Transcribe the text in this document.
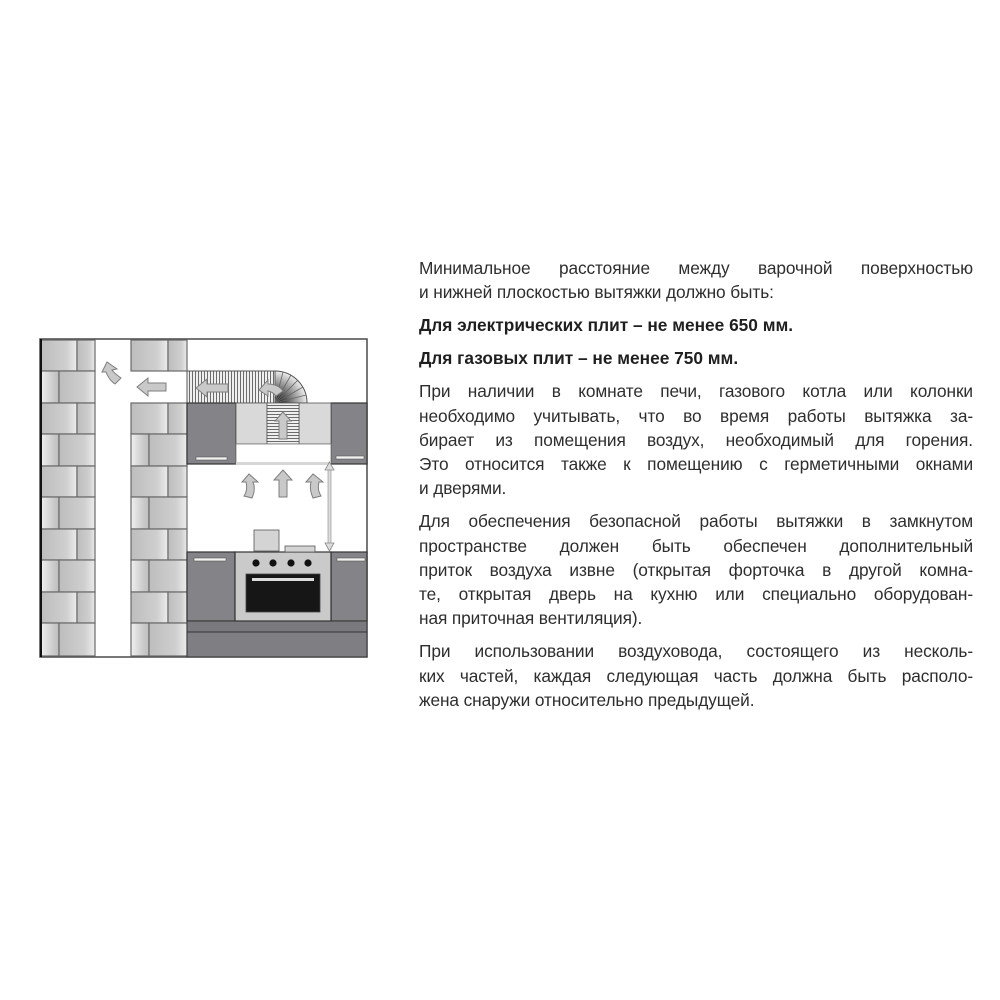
Минимальное расстояние между варочной поверхностью
и нижней плоскостью вытяжки должно быть:

Для электрических плит – не менее 650 мм.

Для газовых плит – не менее 750 мм.

При наличии в комнате печи, газового котла или колонки
необходимо учитывать, что во время работы вытяжка за-
бирает из помещения воздух, необходимый для горения.
Это относится также к помещению с герметичными окнами
и дверями.

Для обеспечения безопасной работы вытяжки в замкнутом
пространстве должен быть обеспечен дополнительный
приток воздуха извне (открытая форточка в другой комна-
те, открытая дверь на кухню или специально оборудован-
ная приточная вентиляция).

При использовании воздуховода, состоящего из несколь-
ких частей, каждая следующая часть должна быть располо-
жена снаружи относительно предыдущей.
